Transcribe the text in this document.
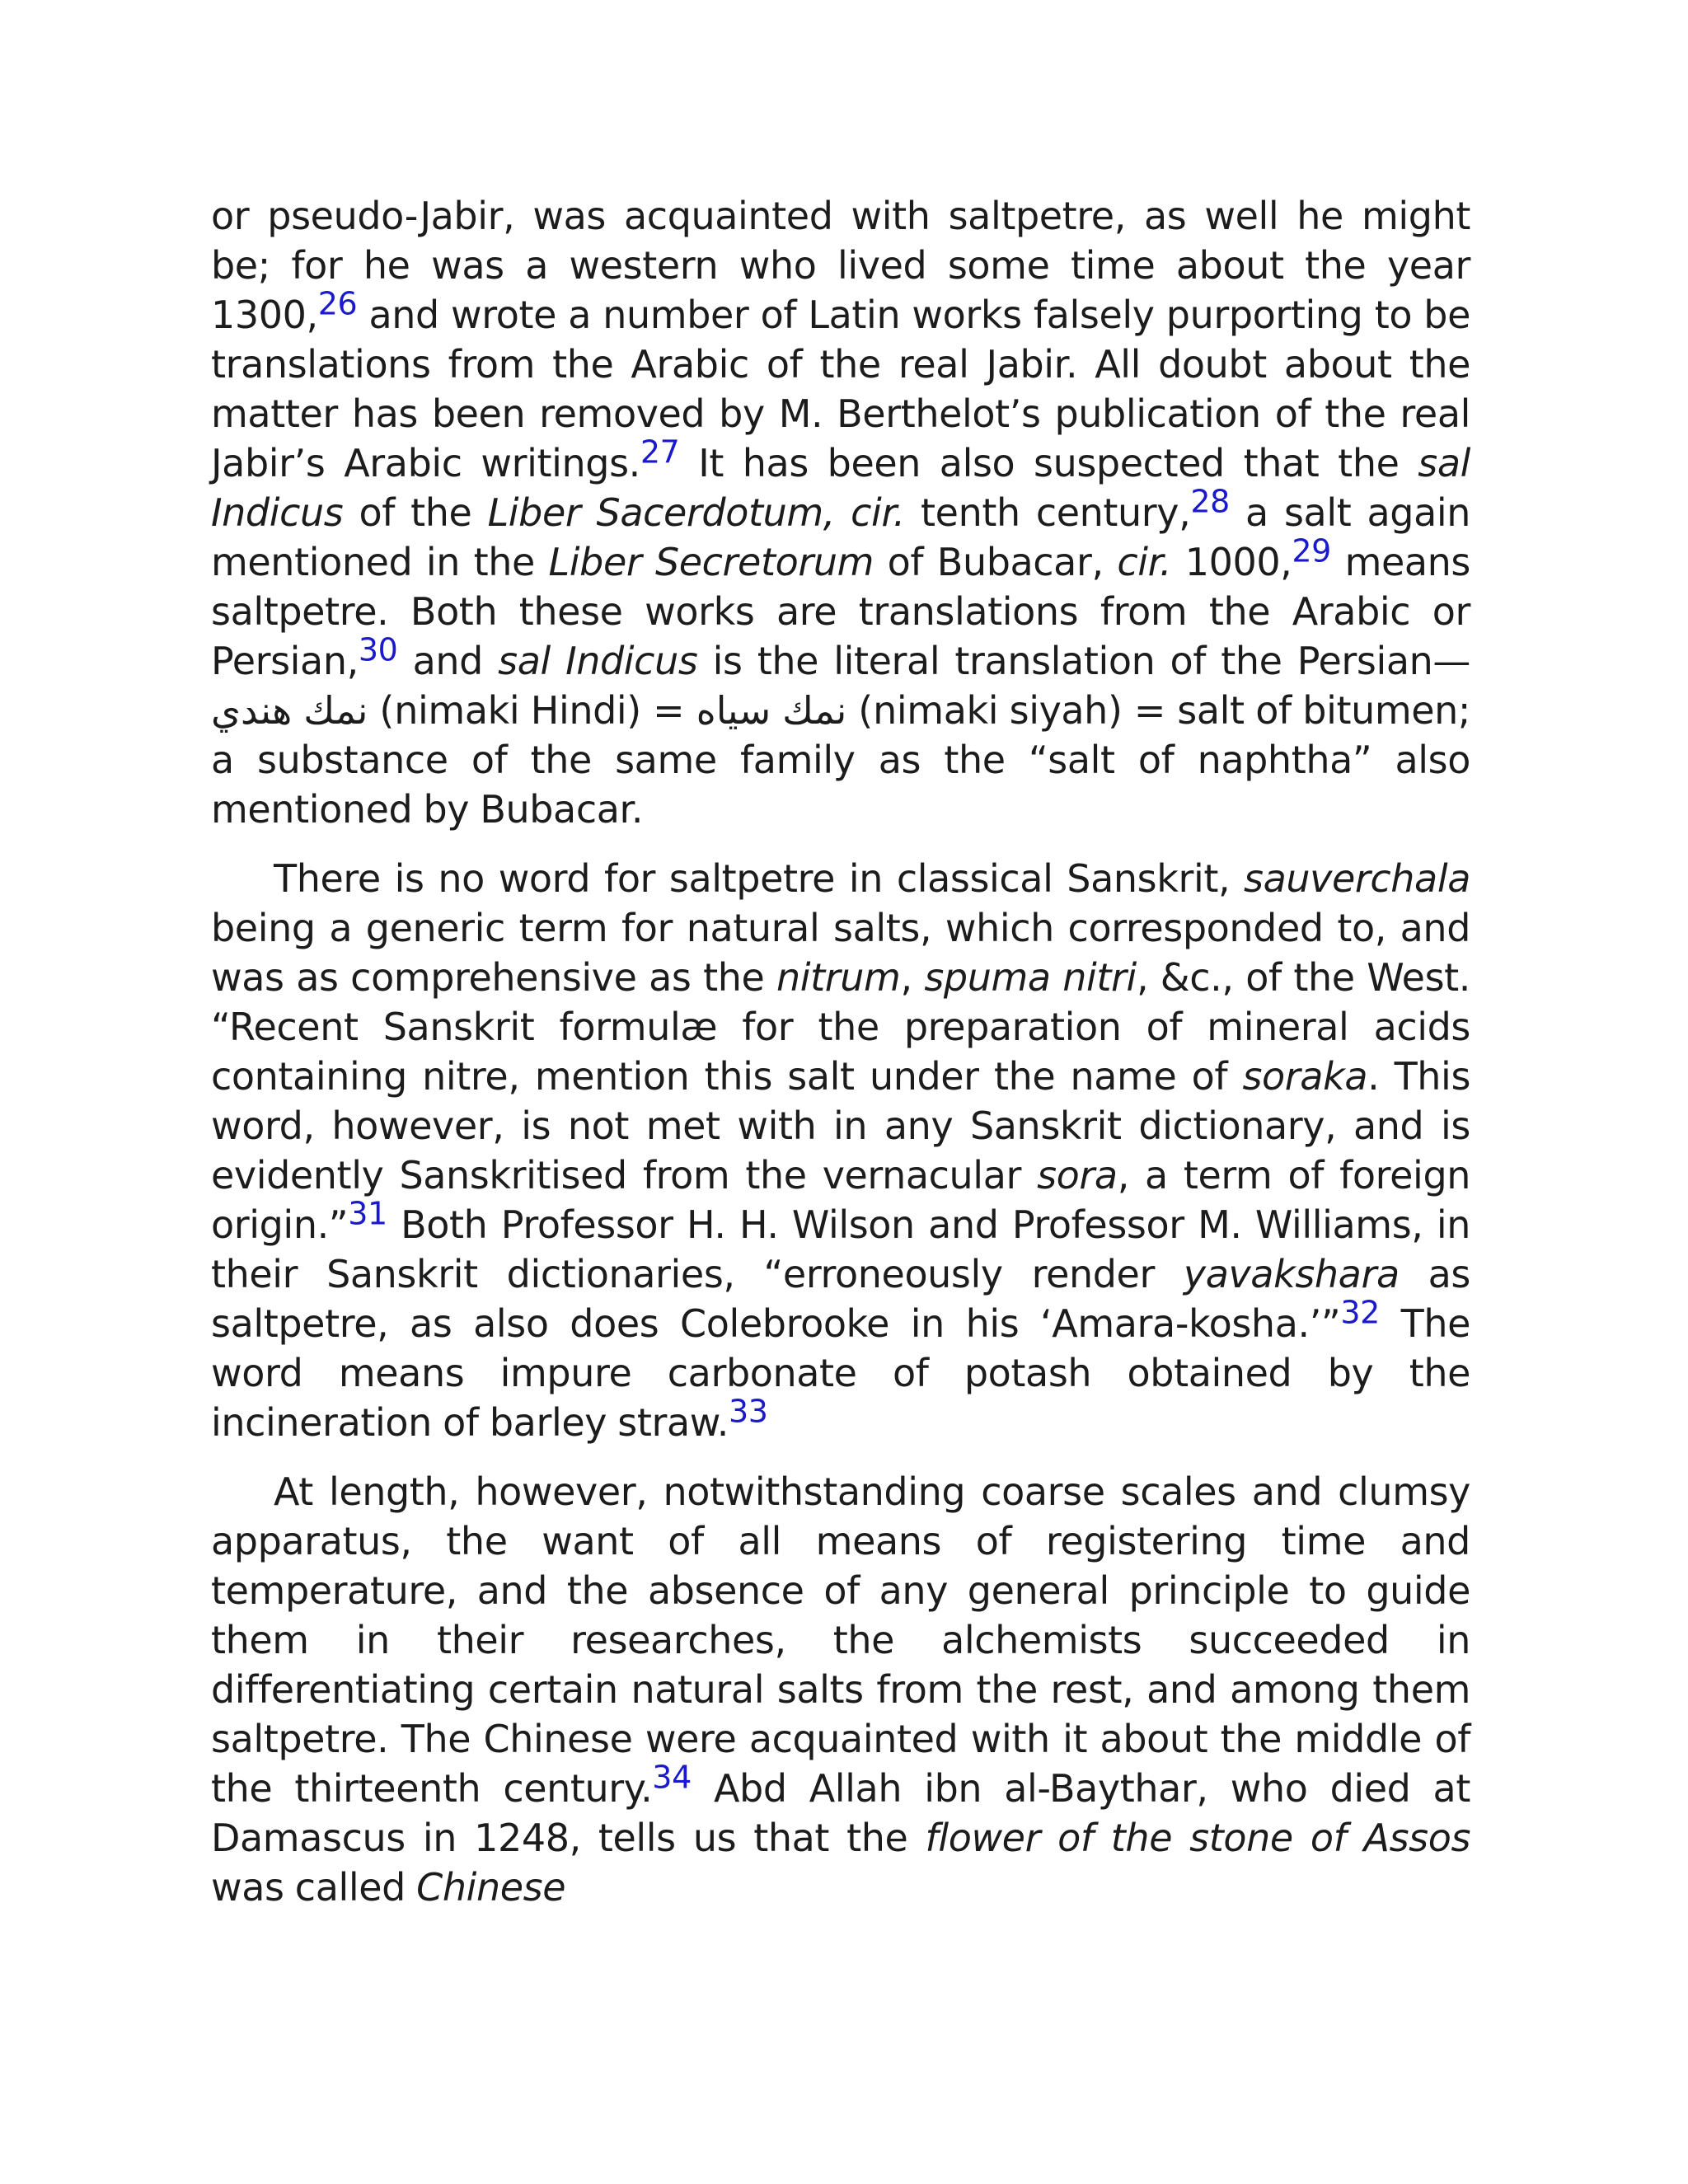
or pseudo-Jabir, was acquainted with saltpetre, as well he might be; for he was a western who lived some time about the year 1300,26 and wrote a number of Latin works falsely purporting to be translations from the Arabic of the real Jabir. All doubt about the matter has been removed by M. Berthelot’s publication of the real Jabir’s Arabic writings.$^{27}$ It has been also suspected that the sal Indicus of the Liber Sacerdotum, cir. tenth century,$^{28}$ a salt again mentioned in the Liber Secretorum of Bubacar, cir. 1000,29 means saltpetre. Both these works are translations from the Arabic or Persian,$^{30}$ and sal Indicus is the literal translation of the Persian— نمك هندي (nimaki Hindi) = نمك سياه (nimaki siyah) = salt of bitumen; a substance of the same family as the “salt of naphtha” also mentioned by Bubacar.

There is no word for saltpetre in classical Sanskrit, sauverchala being a generic term for natural salts, which corresponded to, and was as comprehensive as the nitrum, spuma nitri, &c., of the West. “Recent Sanskrit formulæ for the preparation of mineral acids containing nitre, mention this salt under the name of soraka. This word, however, is not met with in any Sanskrit dictionary, and is evidently Sanskritised from the vernacular sora, a term of foreign origin.”$^{31}$ Both Professor H. H. Wilson and Professor M. Williams, in their Sanskrit dictionaries, “erroneously render yavakshara as saltpetre, as also does Colebrooke in his ‘Amara-kosha.’”$^{32}$ The word means impure carbonate of potash obtained by the incineration of barley straw.$^{33}$

At length, however, notwithstanding coarse scales and clumsy apparatus, the want of all means of registering time and temperature, and the absence of any general principle to guide them in their researches, the alchemists succeeded in differentiating certain natural salts from the rest, and among them saltpetre. The Chinese were acquainted with it about the middle of the thirteenth century.$^{34}$ Abd Allah ibn al-Baythar, who died at Damascus in 1248, tells us that the flower of the stone of Assos was called Chinese
